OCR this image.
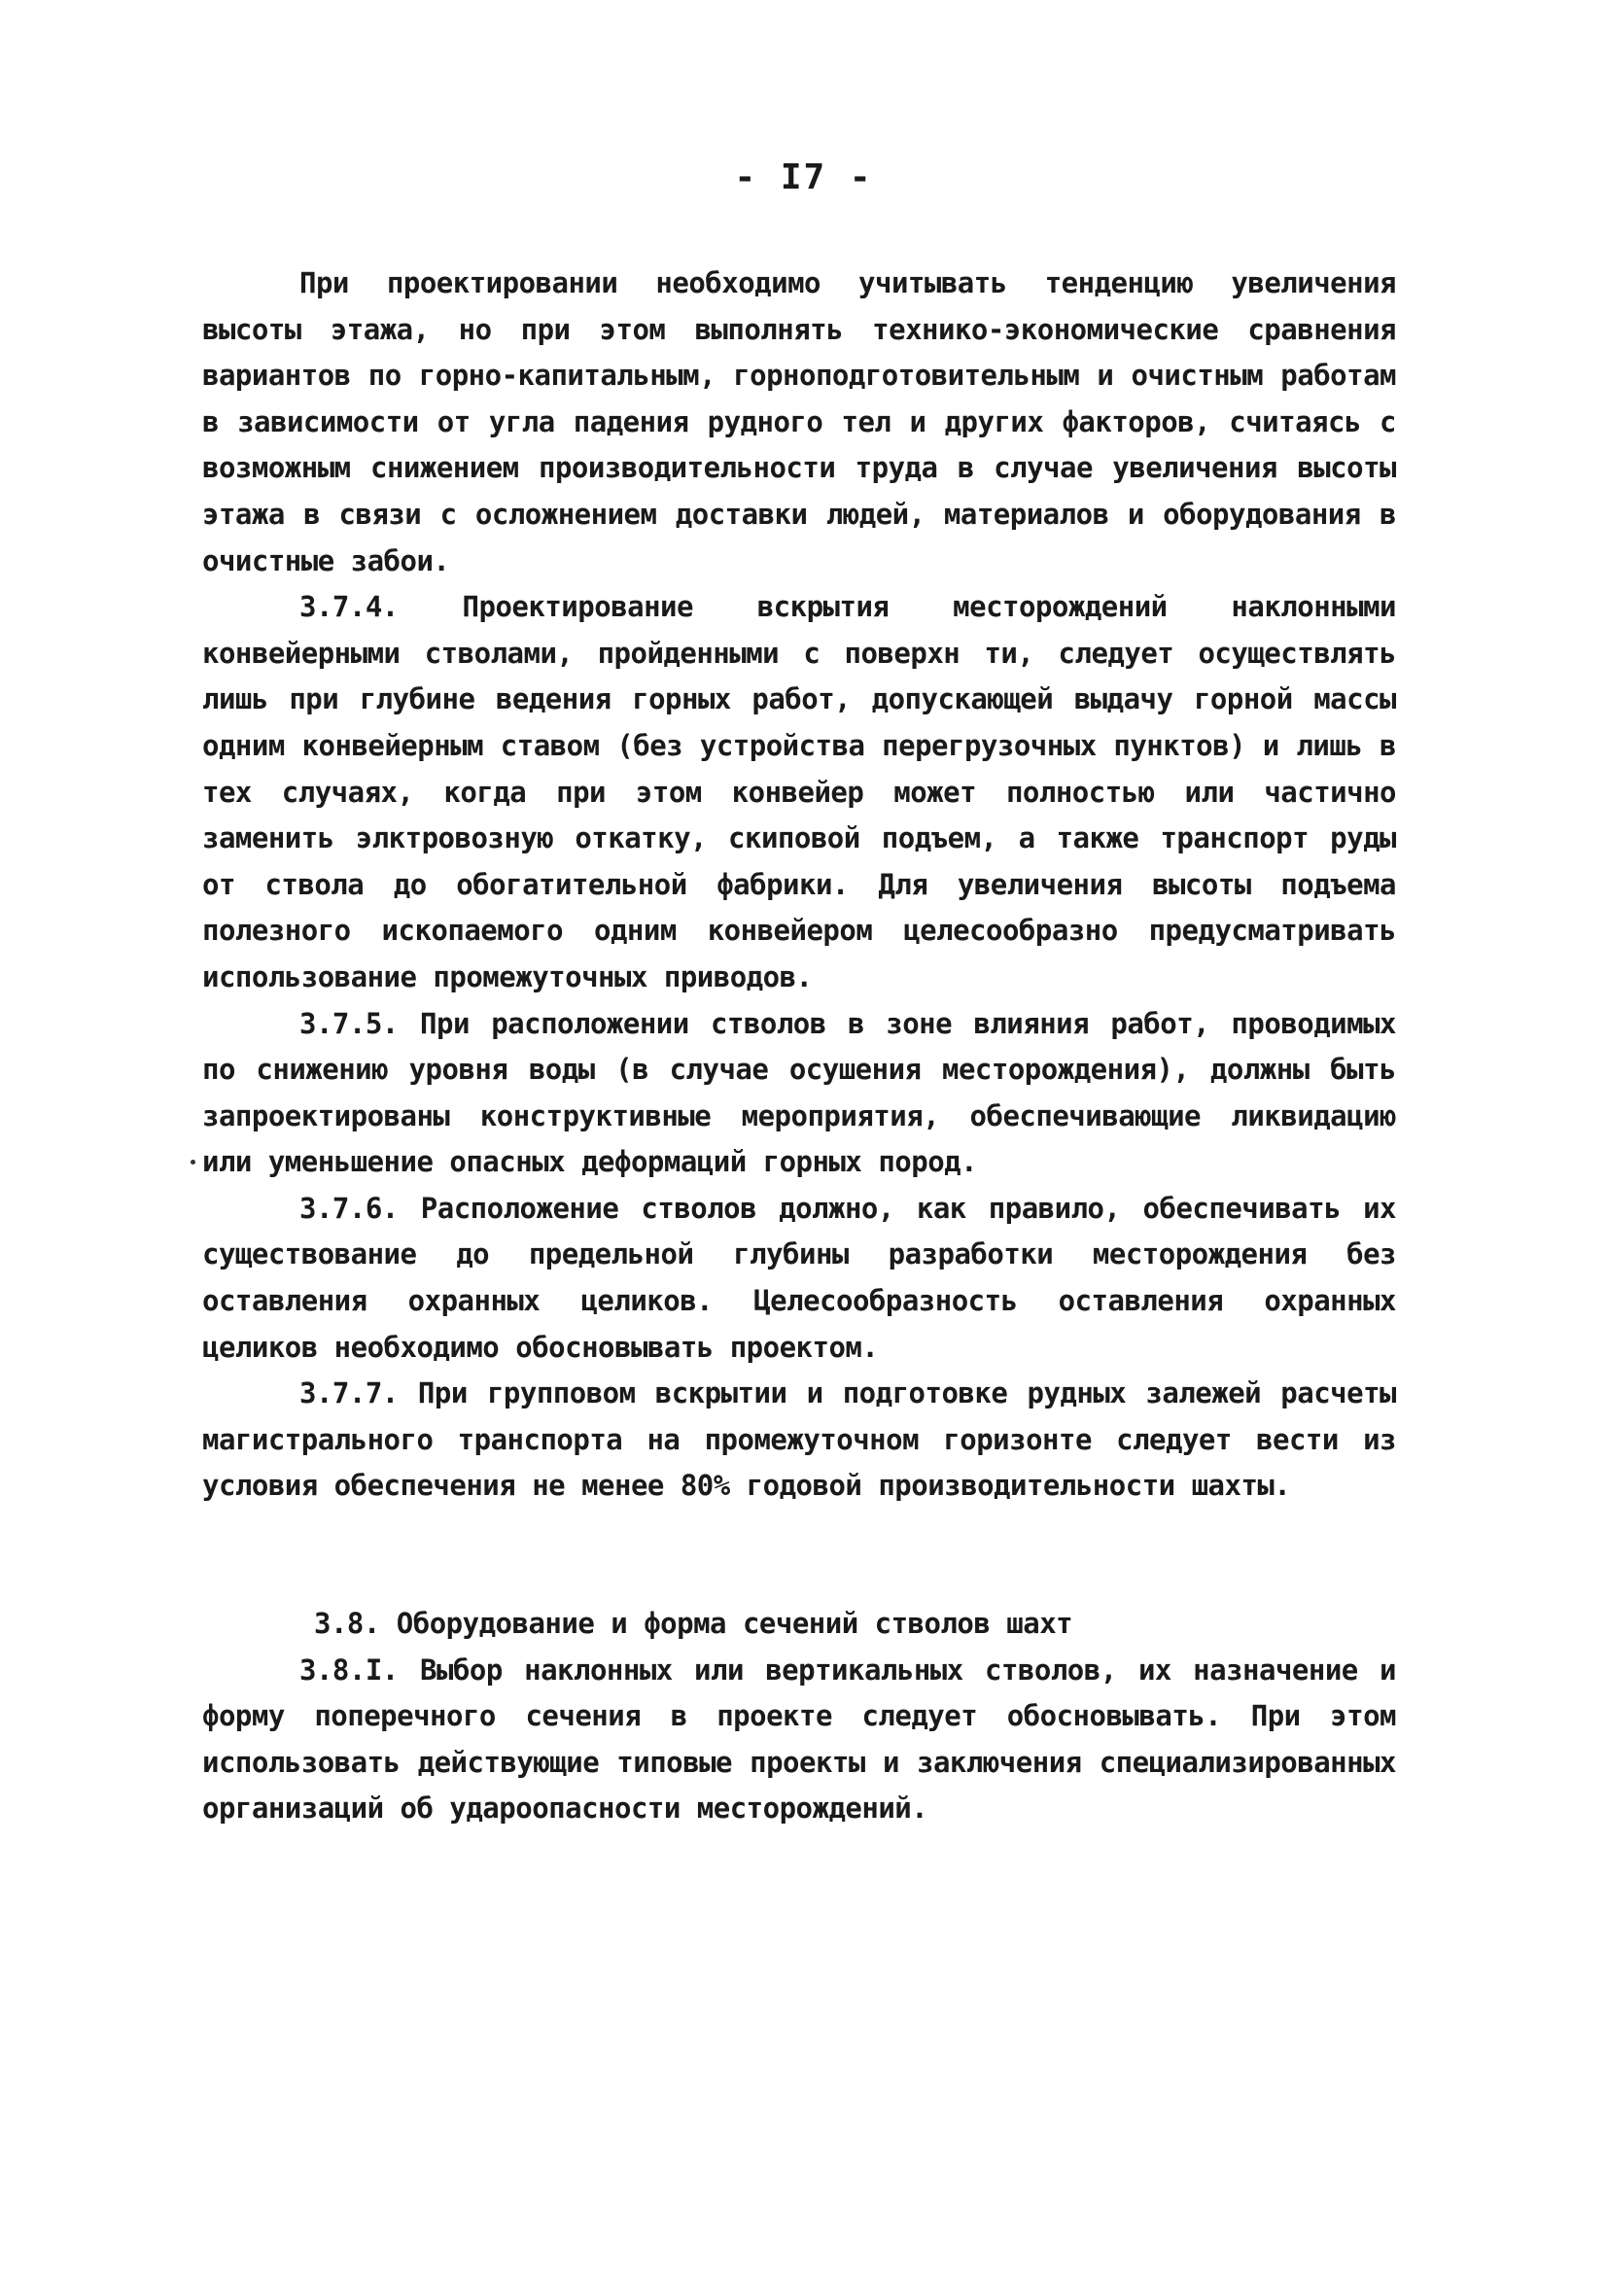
- I7 -

При проектировании необходимо учитывать тенденцию увеличения высоты этажа, но при этом выполнять технико-экономические сравнения вариантов по горно-капитальным, горноподготовительным и очистным работам в зависимости от угла падения рудного тел и других факторов, считаясь с возможным снижением производительности труда в случае увеличения высоты этажа в связи с осложнением доставки людей, материалов и оборудования в очистные забои.

3.7.4. Проектирование вскрытия месторождений наклонными конвейерными стволами, пройденными с поверхн ти, следует осуществлять лишь при глубине ведения горных работ, допускающей выдачу горной массы одним конвейерным ставом (без устройства перегрузочных пунктов) и лишь в тех случаях, когда при этом конвейер может полностью или частично заменить элктровозную откатку, скиповой подъем, а также транспорт руды от ствола до обогатительной фабрики. Для увеличения высоты подъема полезного ископаемого одним конвейером целесообразно предусматривать использование промежуточных приводов.

3.7.5. При расположении стволов в зоне влияния работ, проводимых по снижению уровня воды (в случае осушения месторождения), должны быть запроектированы конструктивные мероприятия, обеспечивающие ликвидацию или уменьшение опасных деформаций горных пород.

3.7.6. Расположение стволов должно, как правило, обеспечивать их существование до предельной глубины разработки месторождения без оставления охранных целиков. Целесообразность оставления охранных целиков необходимо обосновывать проектом.

3.7.7. При групповом вскрытии и подготовке рудных залежей расчеты магистрального транспорта на промежуточном горизонте следует вести из условия обеспечения не менее 80% годовой производительности шахты.

3.8. Оборудование и форма сечений стволов шахт

3.8.I. Выбор наклонных или вертикальных стволов, их назначение и форму поперечного сечения в проекте следует обосновывать. При этом использовать действующие типовые проекты и заключения специализированных организаций об удароопасности месторождений.
